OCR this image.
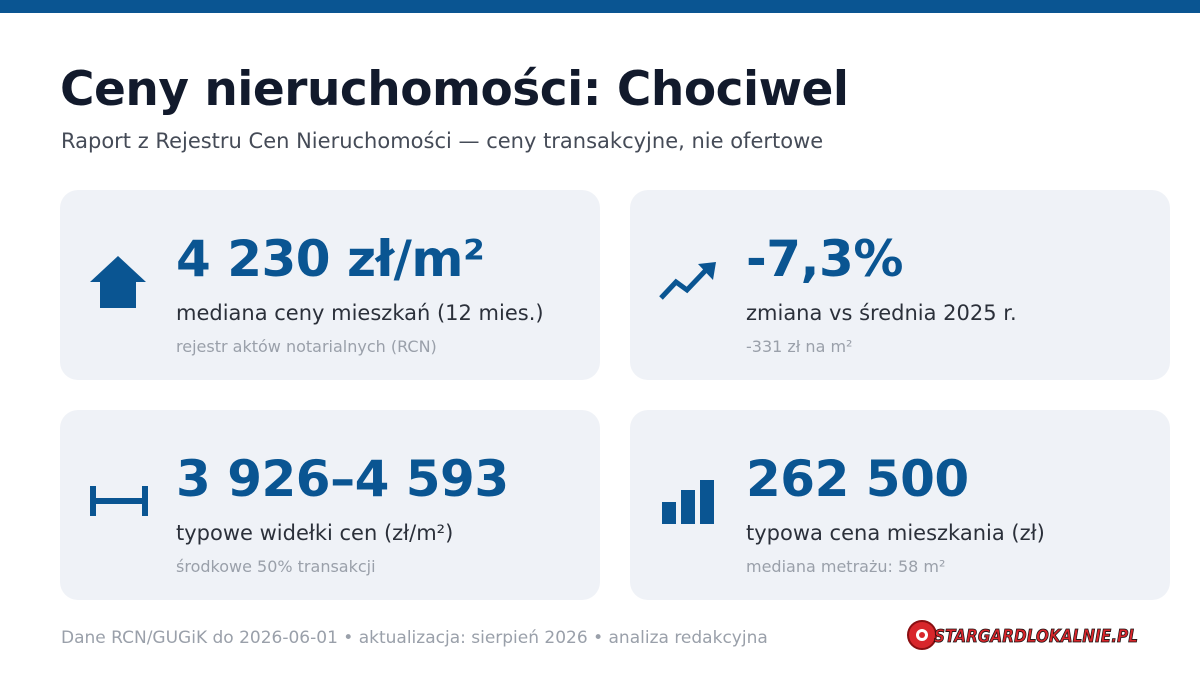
Ceny nieruchomości: Chociwel
Raport z Rejestru Cen Nieruchomości — ceny transakcyjne, nie ofertowe
4 230 zł/m²
mediana ceny mieszkań (12 mies.)
rejestr aktów notarialnych (RCN)
-7,3%
zmiana vs średnia 2025 r.
-331 zł na m²
3 926–4 593
typowe widełki cen (zł/m²)
środkowe 50% transakcji
262 500
typowa cena mieszkania (zł)
mediana metrażu: 58 m²
Dane RCN/GUGiK do 2026-06-01 • aktualizacja: sierpień 2026 • analiza redakcyjna	STARGARDLOKALNIE.PL
